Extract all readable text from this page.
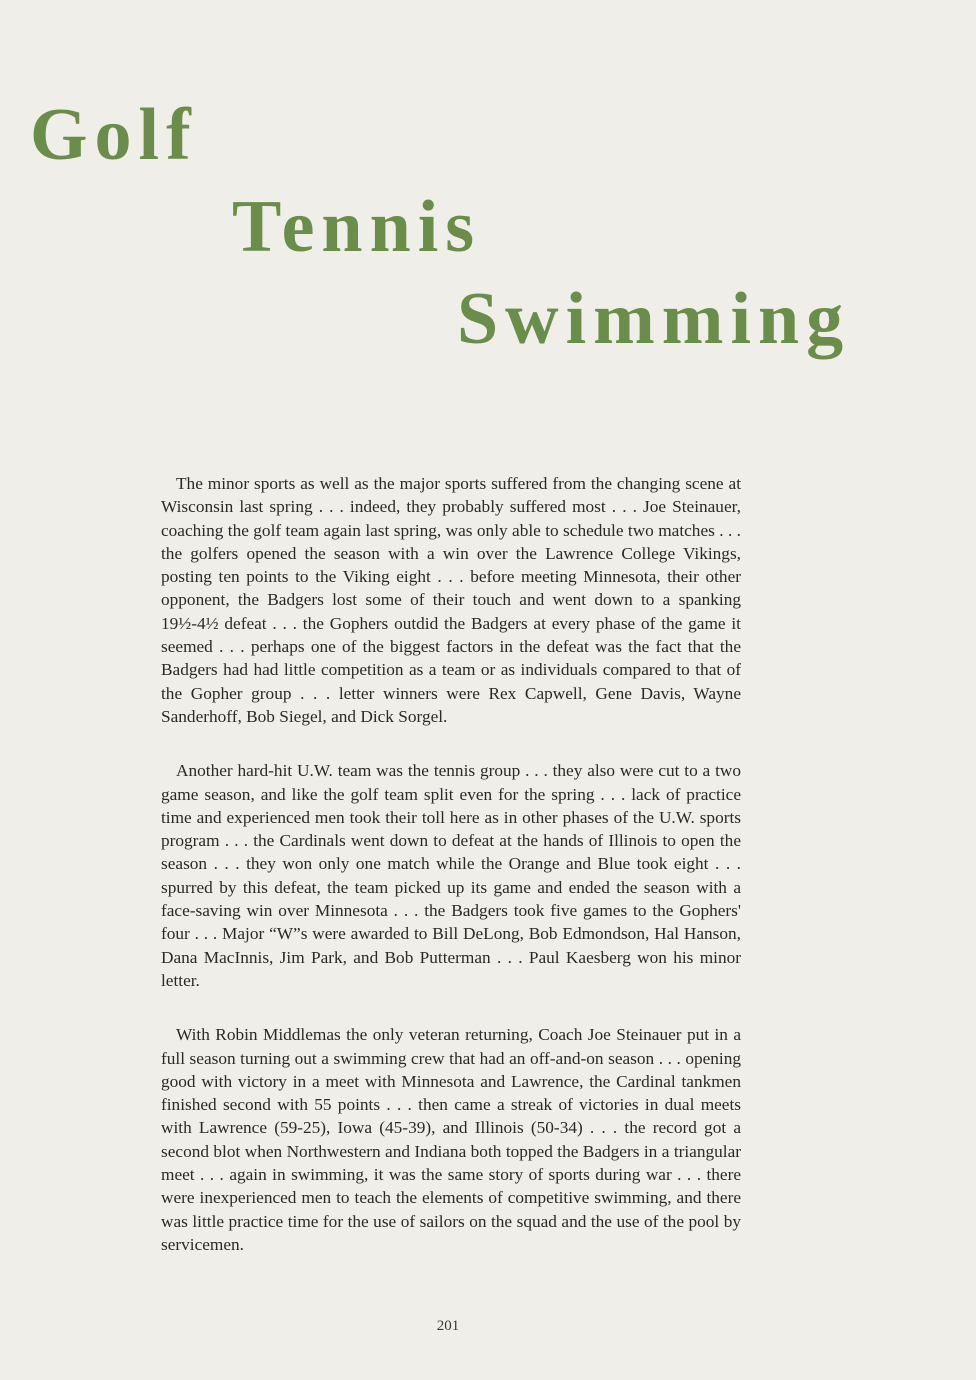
Golf
Tennis
Swimming

The minor sports as well as the major sports suffered from the changing scene at Wisconsin last spring . . . indeed, they probably suffered most . . . Joe Steinauer, coaching the golf team again last spring, was only able to schedule two matches . . . the golfers opened the season with a win over the Lawrence College Vikings, posting ten points to the Viking eight . . . before meeting Minnesota, their other opponent, the Badgers lost some of their touch and went down to a spanking 19½-4½ defeat . . . the Gophers outdid the Badgers at every phase of the game it seemed . . . perhaps one of the biggest factors in the defeat was the fact that the Badgers had had little competition as a team or as individuals compared to that of the Gopher group . . . letter winners were Rex Capwell, Gene Davis, Wayne Sanderhoff, Bob Siegel, and Dick Sorgel.

Another hard-hit U.W. team was the tennis group . . . they also were cut to a two game season, and like the golf team split even for the spring . . . lack of practice time and experienced men took their toll here as in other phases of the U.W. sports program . . . the Cardinals went down to defeat at the hands of Illinois to open the season . . . they won only one match while the Orange and Blue took eight . . . spurred by this defeat, the team picked up its game and ended the season with a face-saving win over Minnesota . . . the Badgers took five games to the Gophers' four . . . Major “W”s were awarded to Bill DeLong, Bob Edmondson, Hal Hanson, Dana MacInnis, Jim Park, and Bob Putterman . . . Paul Kaesberg won his minor letter.

With Robin Middlemas the only veteran returning, Coach Joe Steinauer put in a full season turning out a swimming crew that had an off-and-on season . . . opening good with victory in a meet with Minnesota and Lawrence, the Cardinal tankmen finished second with 55 points . . . then came a streak of victories in dual meets with Lawrence (59-25), Iowa (45-39), and Illinois (50-34) . . . the record got a second blot when Northwestern and Indiana both topped the Badgers in a triangular meet . . . again in swimming, it was the same story of sports during war . . . there were inexperienced men to teach the elements of competitive swimming, and there was little practice time for the use of sailors on the squad and the use of the pool by servicemen.

201
